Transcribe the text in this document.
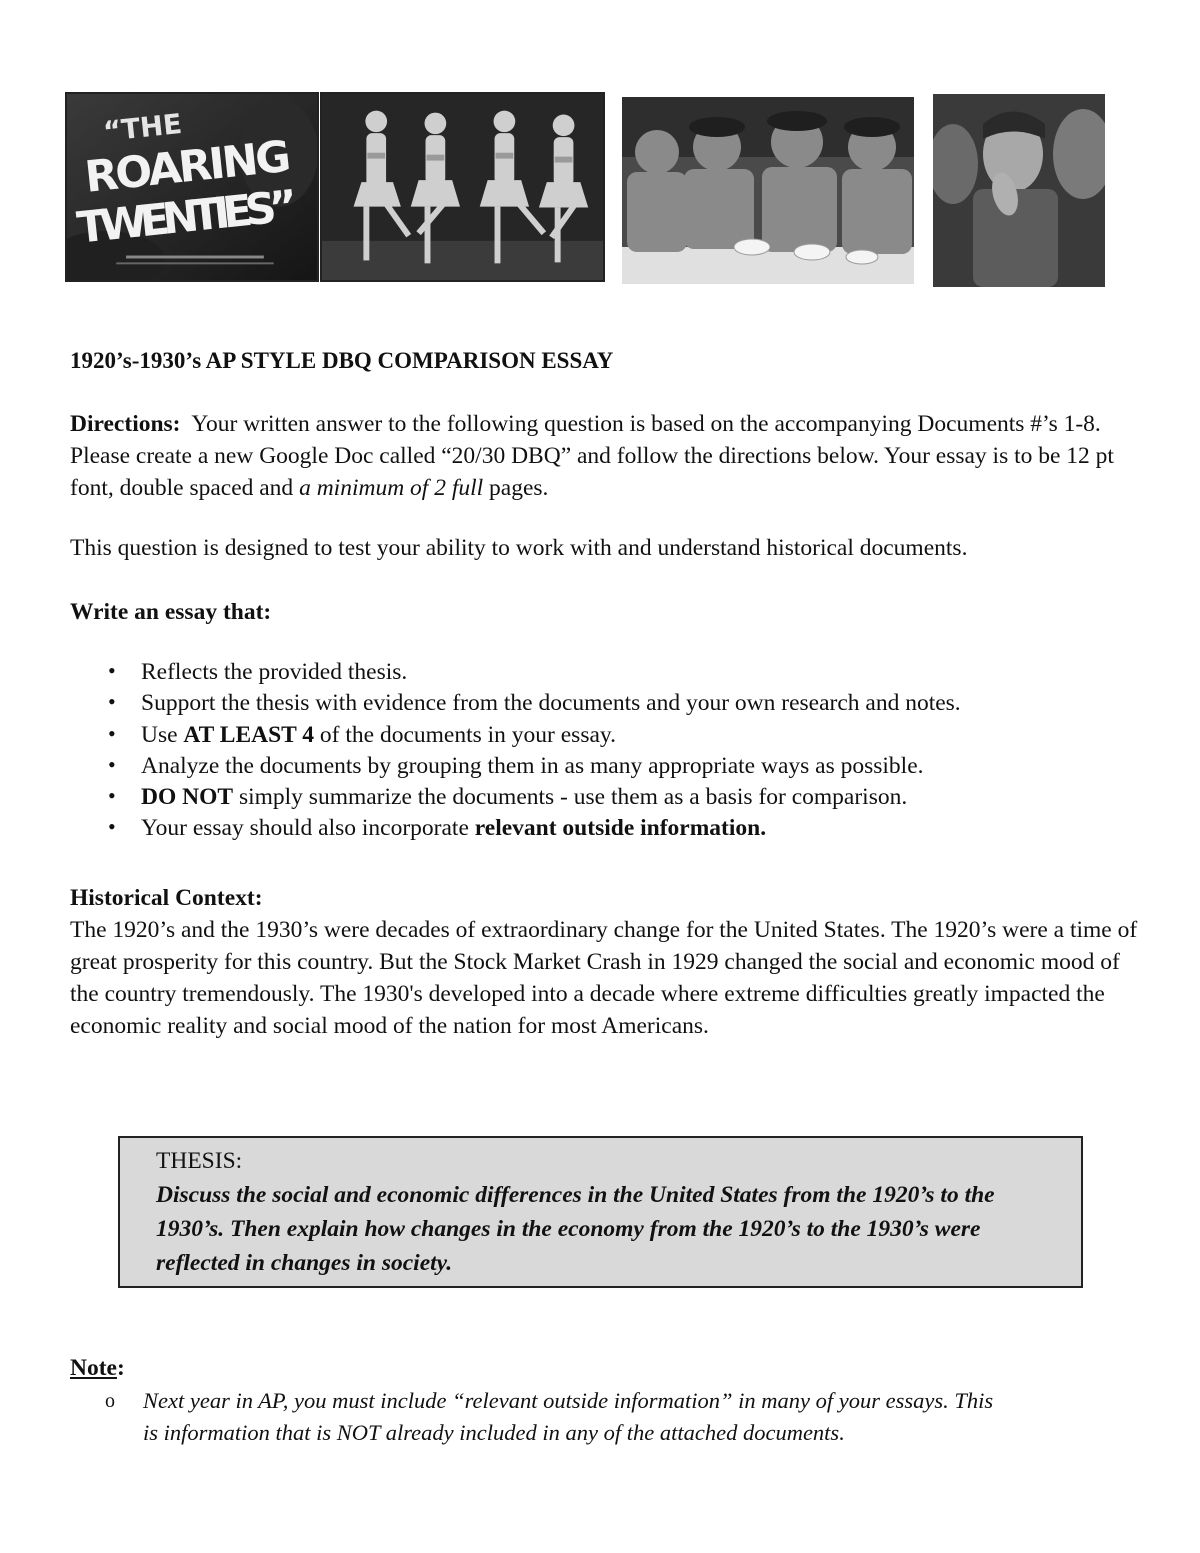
“THE
ROARING
TWENTIES”
1920’s-1930’s AP STYLE DBQ COMPARISON ESSAY
Directions: Your written answer to the following question is based on the accompanying Documents #’s 1-8. Please create a new Google Doc called “20/30 DBQ” and follow the directions below. Your essay is to be 12 pt font, double spaced and a minimum of 2 full pages.
This question is designed to test your ability to work with and understand historical documents.
Write an essay that:
• Reflects the provided thesis.
• Support the thesis with evidence from the documents and your own research and notes.
• Use AT LEAST 4 of the documents in your essay.
• Analyze the documents by grouping them in as many appropriate ways as possible.
• DO NOT simply summarize the documents - use them as a basis for comparison.
• Your essay should also incorporate relevant outside information.
Historical Context:
The 1920’s and the 1930’s were decades of extraordinary change for the United States. The 1920’s were a time of great prosperity for this country. But the Stock Market Crash in 1929 changed the social and economic mood of the country tremendously. The 1930's developed into a decade where extreme difficulties greatly impacted the economic reality and social mood of the nation for most Americans.
THESIS:
Discuss the social and economic differences in the United States from the 1920’s to the 1930’s. Then explain how changes in the economy from the 1920’s to the 1930’s were reflected in changes in society.
Note:
o Next year in AP, you must include “relevant outside information” in many of your essays. This
is information that is NOT already included in any of the attached documents.
